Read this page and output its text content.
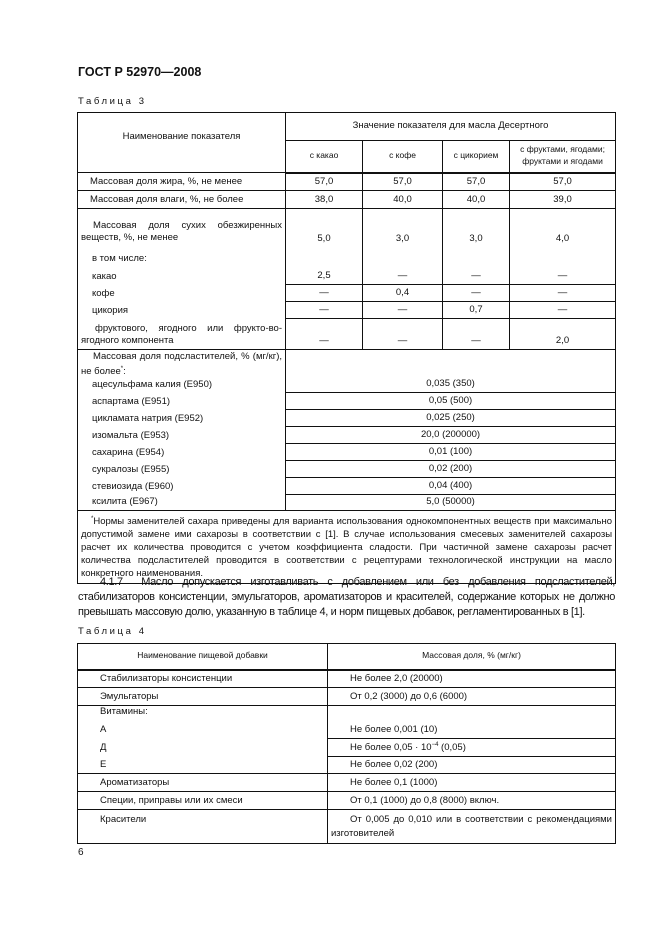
ГОСТ Р 52970—2008
Таблица 3
Наименование показателя	Значение показателя для масла Десертного			
	с какао	с кофе	с цикорием	с фруктами, ягодами; фруктами и ягодами
Массовая доля жира, %, не менее	57,0	57,0	57,0	57,0
Массовая доля влаги, %, не более	38,0	40,0	40,0	39,0
Массовая доля сухих обезжиренных веществ, %, не менее	5,0	3,0	3,0	4,0

в том числе:
какао	2,5	—	—	—
кофе	—	0,4	—	—
цикория	—	—	0,7	—
фруктового, ягодного или фрукто-во-ягодного компонента	—	—	—	2,0

Массовая доля подсластителей, % (мг/кг), не более*:
ацесульфама калия (Е950)	0,035 (350)			
аспартама (Е951)	0,05 (500)			
цикламата натрия (Е952)	0,025 (250)			
изомальта (Е953)	20,0 (200000)			
сахарина (Е954)	0,01 (100)			
сукралозы (Е955)	0,02 (200)			
стевиозида (Е960)	0,04 (400)			
ксилита (Е967)	5,0 (50000)			
*Нормы заменителей сахара приведены для варианта использования однокомпонентных веществ при максимально допустимой замене ими сахарозы в соответствии с [1]. В случае использования смесевых заменителей сахарозы расчет их количества проводится с учетом коэффициента сладости. При частичной замене сахарозы расчет количества подсластителей проводится в соответствии с рецептурами технологической инструкции на масло конкретного наименования.				
4.1.7 Масло допускается изготавливать с добавлением или без добавления подсластителей, стабилизаторов консистенции, эмульгаторов, ароматизаторов и красителей, содержание которых не должно превышать массовую долю, указанную в таблице 4, и норм пищевых добавок, регламентированных в [1].
Таблица 4
Наименование пищевой добавки	Массовая доля, % (мг/кг)
Стабилизаторы консистенции	Не более 2,0 (20000)
Эмульгаторы	От 0,2 (3000) до 0,6 (6000)

Витамины:
А	Не более 0,001 (10)
Д	Не более $0,05 \cdot 10^{-4}$ (0,05)
Е	Не более 0,02 (200)
Ароматизаторы	Не более 0,1 (1000)
Специи, приправы или их смеси	От 0,1 (1000) до 0,8 (8000) включ.
Красители	От 0,005 до 0,010 или в соответствии с рекомендациями изготовителей
6
